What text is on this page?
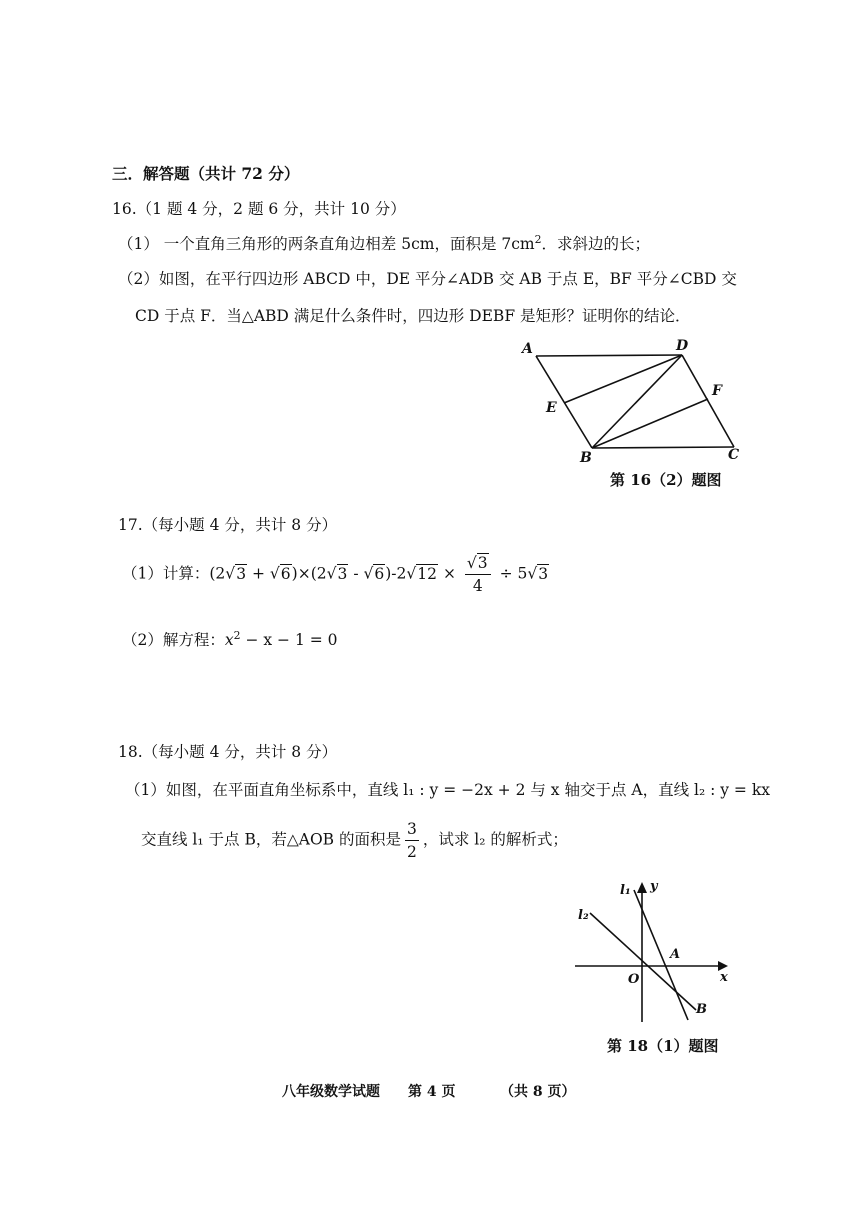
三．解答题（共计 72 分）
16.（1 题 4 分，2 题 6 分，共计 10 分）
（1） 一个直角三角形的两条直角边相差 5cm，面积是 $7cm^2$．求斜边的长；
（2）如图，在平行四边形 ABCD 中，DE 平分∠ADB 交 AB 于点 E，BF 平分∠CBD 交
CD 于点 F．当△ABD 满足什么条件时，四边形 DEBF 是矩形？证明你的结论．
A	D
E
F
B	C
第 16（2）题图
17.（每小题 4 分，共计 8 分）
（1）计算：$(2√3 + √6)\times(2√3 - √6)-2√12 \times \frac{√3}{4} \div 5√3$
（2）解方程：$x^2 - x - 1 = 0$
18.（每小题 4 分，共计 8 分）
（1）如图，在平面直角坐标系中，直线 l₁ : y = −2x + 2 与 x 轴交于点 A，直线 l₂ : y = kx
交直线 l₁ 于点 B，若△AOB 的面积是 $\frac{3}{2}$ ，试求 l₂ 的解析式；
l₁ y
l₂
O
A
x
B
第 18（1）题图
八年级数学试题 第 4 页	（共 8 页）
